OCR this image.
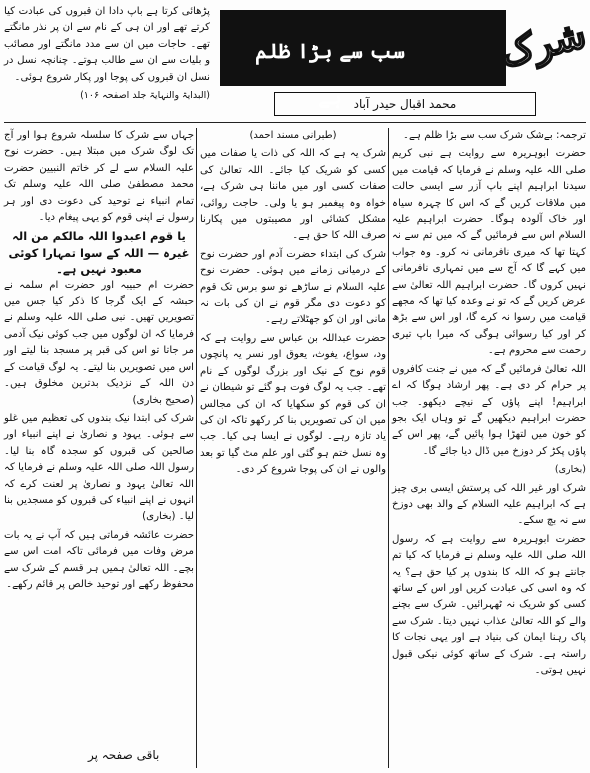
پڑھائی کرتا ہے باپ دادا ان قبروں کی عبادت کیا کرتے تھے اور ان ہی کے نام سے ان پر نذر مانگتے تھے۔ حاجات میں ان سے مدد مانگتے اور مصائب و بلیات سے ان سے طالب ہوتے۔ چنانچہ نسل در نسل ان قبروں کی پوجا اور پکار شروع ہوئی۔

(البدایۃ والنہایۃ جلد اصفحہ ۱۰۶)

سب سے بڑا ظلم ہے
شرک
محمد اقبال حیدر آباد

ترجمہ: بےشک شرک سب سے بڑا ظلم ہے۔

حضرت ابوہریرہ سے روایت ہے نبی کریم صلی اللہ علیہ وسلم نے فرمایا کہ قیامت میں سیدنا ابراہیم اپنے باپ آزر سے ایسی حالت میں ملاقات کریں گے کہ اس کا چہرہ سیاہ اور خاک آلودہ ہوگا۔ حضرت ابراہیم علیہ السلام اس سے فرمائیں گے کہ میں تم سے نہ کہتا تھا کہ میری نافرمانی نہ کرو۔ وہ جواب میں کہے گا کہ آج سے میں تمہاری نافرمانی نہیں کروں گا۔ حضرت ابراہیم اللہ تعالیٰ سے عرض کریں گے کہ تو نے وعدہ کیا تھا کہ مجھے قیامت میں رسوا نہ کرے گا، اور اس سے بڑھ کر اور کیا رسوائی ہوگی کہ میرا باپ تیری رحمت سے محروم ہے۔

اللہ تعالیٰ فرمائیں گے کہ میں نے جنت کافروں پر حرام کر دی ہے۔ پھر ارشاد ہوگا کہ اے ابراہیم! اپنے پاؤں کے نیچے دیکھو۔ جب حضرت ابراہیم دیکھیں گے تو وہاں ایک بجو کو خون میں لتھڑا ہوا پائیں گے، پھر اس کے پاؤں پکڑ کر دوزخ میں ڈال دیا جائے گا۔

(بخاری)

شرک اور غیر اللہ کی پرستش ایسی بری چیز ہے کہ ابراہیم علیہ السلام کے والد بھی دوزخ سے نہ بچ سکے۔

حضرت ابوہریرہ سے روایت ہے کہ رسول اللہ صلی اللہ علیہ وسلم نے فرمایا کہ کیا تم جانتے ہو کہ اللہ کا بندوں پر کیا حق ہے؟ یہ کہ وہ اسی کی عبادت کریں اور اس کے ساتھ کسی کو شریک نہ ٹھہرائیں۔ شرک سے بچنے والے کو اللہ تعالیٰ عذاب نہیں دیتا۔ شرک سے پاک رہنا ایمان کی بنیاد ہے اور یہی نجات کا راستہ ہے۔ شرک کے ساتھ کوئی نیکی قبول نہیں ہوتی۔

(طبرانی مسند احمد)

شرک یہ ہے کہ اللہ کی ذات یا صفات میں کسی کو شریک کیا جائے۔ اللہ تعالیٰ کی صفات کسی اور میں ماننا ہی شرک ہے، خواہ وہ پیغمبر ہو یا ولی۔ حاجت روائی، مشکل کشائی اور مصیبتوں میں پکارنا صرف اللہ کا حق ہے۔

شرک کی ابتداء حضرت آدم اور حضرت نوح کے درمیانی زمانے میں ہوئی۔ حضرت نوح علیہ السلام نے ساڑھے نو سو برس تک قوم کو دعوت دی مگر قوم نے ان کی بات نہ مانی اور ان کو جھٹلاتے رہے۔

حضرت عبداللہ بن عباس سے روایت ہے کہ ود، سواع، یغوث، یعوق اور نسر یہ پانچوں قوم نوح کے نیک اور بزرگ لوگوں کے نام تھے۔ جب یہ لوگ فوت ہو گئے تو شیطان نے ان کی قوم کو سکھایا کہ ان کی مجالس میں ان کی تصویریں بنا کر رکھو تاکہ ان کی یاد تازہ رہے۔ لوگوں نے ایسا ہی کیا۔ جب وہ نسل ختم ہو گئی اور علم مٹ گیا تو بعد والوں نے ان کی پوجا شروع کر دی۔

جہاں سے شرک کا سلسلہ شروع ہوا اور آج تک لوگ شرک میں مبتلا ہیں۔ حضرت نوح علیہ السلام سے لے کر خاتم النبیین حضرت محمد مصطفیٰ صلی اللہ علیہ وسلم تک تمام انبیاء نے توحید کی دعوت دی اور ہر رسول نے اپنی قوم کو یہی پیغام دیا۔

یا قوم اعبدوا اللہ مالکم من الہ غیرہ — اللہ کے سوا تمہارا کوئی معبود نہیں ہے۔

حضرت ام حبیبہ اور حضرت ام سلمہ نے حبشہ کے ایک گرجا کا ذکر کیا جس میں تصویریں تھیں۔ نبی صلی اللہ علیہ وسلم نے فرمایا کہ ان لوگوں میں جب کوئی نیک آدمی مر جاتا تو اس کی قبر پر مسجد بنا لیتے اور اس میں تصویریں بنا لیتے۔ یہ لوگ قیامت کے دن اللہ کے نزدیک بدترین مخلوق ہیں۔ (صحیح بخاری)

شرک کی ابتدا نیک بندوں کی تعظیم میں غلو سے ہوئی۔ یہود و نصاریٰ نے اپنے انبیاء اور صالحین کی قبروں کو سجدہ گاہ بنا لیا۔ رسول اللہ صلی اللہ علیہ وسلم نے فرمایا کہ اللہ تعالیٰ یہود و نصاریٰ پر لعنت کرے کہ انہوں نے اپنے انبیاء کی قبروں کو مسجدیں بنا لیا۔ (بخاری)

حضرت عائشہ فرماتی ہیں کہ آپ نے یہ بات مرض وفات میں فرمائی تاکہ امت اس سے بچے۔ اللہ تعالیٰ ہمیں ہر قسم کے شرک سے محفوظ رکھے اور توحید خالص پر قائم رکھے۔

باقی صفحہ پر
